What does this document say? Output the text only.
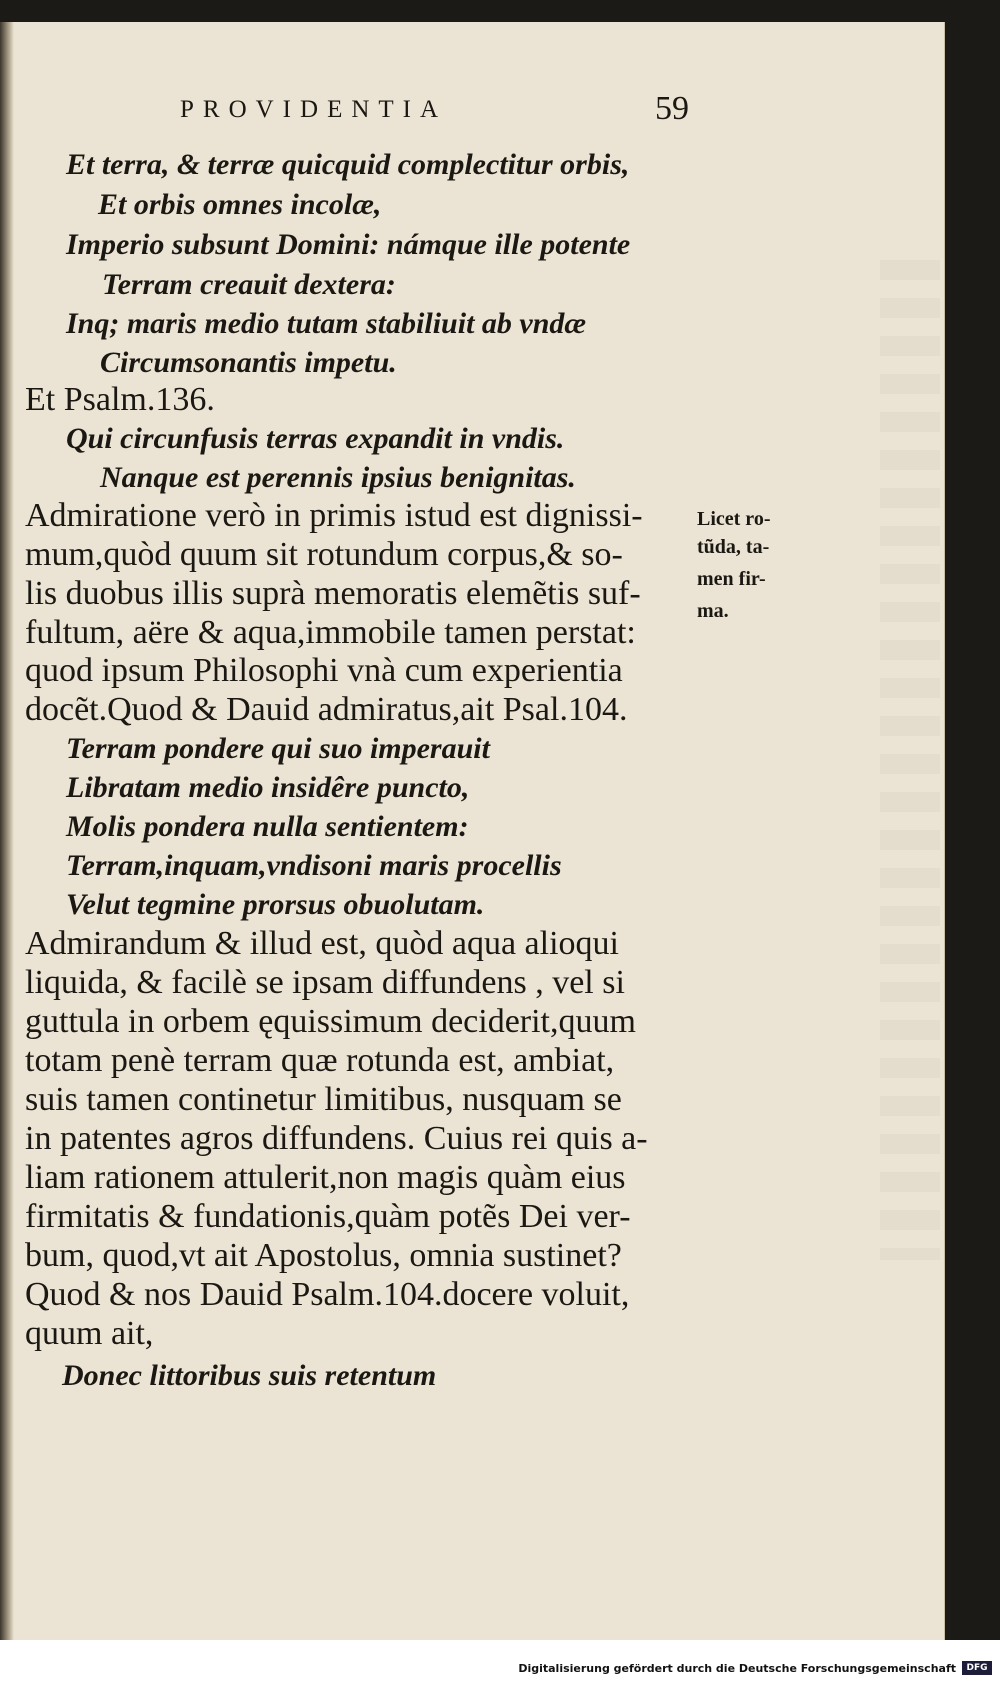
PROVIDENTIA	59
Et terra, & terræ quicquid complectitur orbis,
Et orbis omnes incolæ,
Imperio subsunt Domini: námque ille potente
Terram creauit dextera:
Inq; maris medio tutam stabiliuit ab vndæ
Circumsonantis impetu.
Et Psalm.136.
Qui circunfusis terras expandit in vndis.
Nanque est perennis ipsius benignitas.
Admiratione verò in primis istud est dignissi-
mum,quòd quum sit rotundum corpus,& so-
lis duobus illis suprà memoratis elemẽtis suf-
fultum, aëre & aqua,immobile tamen perstat:
quod ipsum Philosophi vnà cum experientia
docẽt.Quod & Dauid admiratus,ait Psal.104.
Terram pondere qui suo imperauit
Libratam medio insidêre puncto,
Molis pondera nulla sentientem:
Terram,inquam,vndisoni maris procellis
Velut tegmine prorsus obuolutam.
Admirandum & illud est, quòd aqua alioqui
liquida, & facilè se ipsam diffundens , vel si
guttula in orbem ęquissimum deciderit,quum
totam penè terram quæ rotunda est, ambiat,
suis tamen continetur limitibus, nusquam se
in patentes agros diffundens. Cuius rei quis a-
liam rationem attulerit,non magis quàm eius
firmitatis & fundationis,quàm potẽs Dei ver-
bum, quod,vt ait Apostolus, omnia sustinet?
Quod & nos Dauid Psalm.104.docere voluit,
quum ait,
Donec littoribus suis retentum
Licet ro-
tũda, ta-
men fir-
ma.
Digitalisierung gefördert durch die Deutsche Forschungsgemeinschaft	DFG
